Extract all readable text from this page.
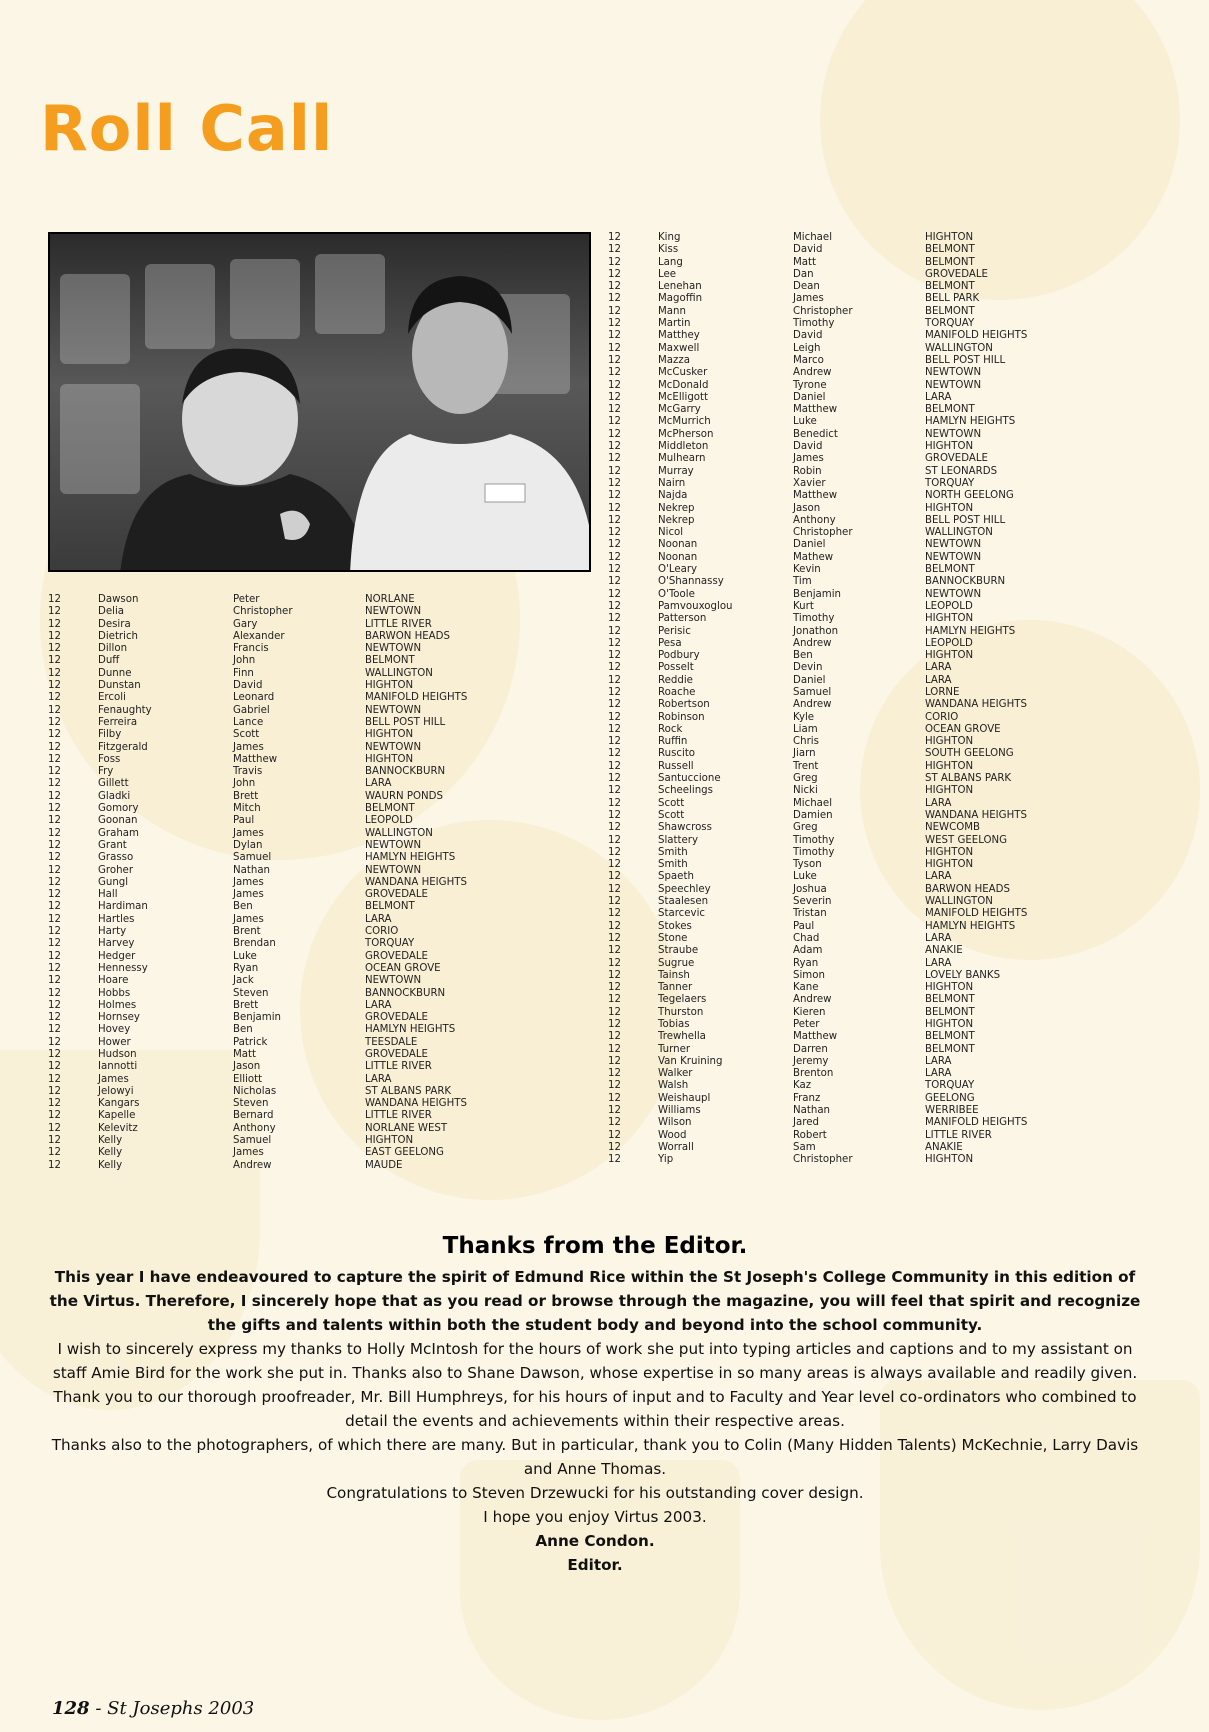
Roll Call
12	Dawson	Peter	NORLANE
12	Delia	Christopher	NEWTOWN
12	Desira	Gary	LITTLE RIVER
12	Dietrich	Alexander	BARWON HEADS
12	Dillon	Francis	NEWTOWN
12	Duff	John	BELMONT
12	Dunne	Finn	WALLINGTON
12	Dunstan	David	HIGHTON
12	Ercoli	Leonard	MANIFOLD HEIGHTS
12	Fenaughty	Gabriel	NEWTOWN
12	Ferreira	Lance	BELL POST HILL
12	Filby	Scott	HIGHTON
12	Fitzgerald	James	NEWTOWN
12	Foss	Matthew	HIGHTON
12	Fry	Travis	BANNOCKBURN
12	Gillett	John	LARA
12	Gladki	Brett	WAURN PONDS
12	Gomory	Mitch	BELMONT
12	Goonan	Paul	LEOPOLD
12	Graham	James	WALLINGTON
12	Grant	Dylan	NEWTOWN
12	Grasso	Samuel	HAMLYN HEIGHTS
12	Groher	Nathan	NEWTOWN
12	Gungl	James	WANDANA HEIGHTS
12	Hall	James	GROVEDALE
12	Hardiman	Ben	BELMONT
12	Hartles	James	LARA
12	Harty	Brent	CORIO
12	Harvey	Brendan	TORQUAY
12	Hedger	Luke	GROVEDALE
12	Hennessy	Ryan	OCEAN GROVE
12	Hoare	Jack	NEWTOWN
12	Hobbs	Steven	BANNOCKBURN
12	Holmes	Brett	LARA
12	Hornsey	Benjamin	GROVEDALE
12	Hovey	Ben	HAMLYN HEIGHTS
12	Hower	Patrick	TEESDALE
12	Hudson	Matt	GROVEDALE
12	Iannotti	Jason	LITTLE RIVER
12	James	Elliott	LARA
12	Jelowyi	Nicholas	ST ALBANS PARK
12	Kangars	Steven	WANDANA HEIGHTS
12	Kapelle	Bernard	LITTLE RIVER
12	Kelevitz	Anthony	NORLANE WEST
12	Kelly	Samuel	HIGHTON
12	Kelly	James	EAST GEELONG
12	Kelly	Andrew	MAUDE
12	King	Michael	HIGHTON
12	Kiss	David	BELMONT
12	Lang	Matt	BELMONT
12	Lee	Dan	GROVEDALE
12	Lenehan	Dean	BELMONT
12	Magoffin	James	BELL PARK
12	Mann	Christopher	BELMONT
12	Martin	Timothy	TORQUAY
12	Matthey	David	MANIFOLD HEIGHTS
12	Maxwell	Leigh	WALLINGTON
12	Mazza	Marco	BELL POST HILL
12	McCusker	Andrew	NEWTOWN
12	McDonald	Tyrone	NEWTOWN
12	McElligott	Daniel	LARA
12	McGarry	Matthew	BELMONT
12	McMurrich	Luke	HAMLYN HEIGHTS
12	McPherson	Benedict	NEWTOWN
12	Middleton	David	HIGHTON
12	Mulhearn	James	GROVEDALE
12	Murray	Robin	ST LEONARDS
12	Nairn	Xavier	TORQUAY
12	Najda	Matthew	NORTH GEELONG
12	Nekrep	Jason	HIGHTON
12	Nekrep	Anthony	BELL POST HILL
12	Nicol	Christopher	WALLINGTON
12	Noonan	Daniel	NEWTOWN
12	Noonan	Mathew	NEWTOWN
12	O'Leary	Kevin	BELMONT
12	O'Shannassy	Tim	BANNOCKBURN
12	O'Toole	Benjamin	NEWTOWN
12	Pamvouxoglou	Kurt	LEOPOLD
12	Patterson	Timothy	HIGHTON
12	Perisic	Jonathon	HAMLYN HEIGHTS
12	Pesa	Andrew	LEOPOLD
12	Podbury	Ben	HIGHTON
12	Posselt	Devin	LARA
12	Reddie	Daniel	LARA
12	Roache	Samuel	LORNE
12	Robertson	Andrew	WANDANA HEIGHTS
12	Robinson	Kyle	CORIO
12	Rock	Liam	OCEAN GROVE
12	Ruffin	Chris	HIGHTON
12	Ruscito	Jiarn	SOUTH GEELONG
12	Russell	Trent	HIGHTON
12	Santuccione	Greg	ST ALBANS PARK
12	Scheelings	Nicki	HIGHTON
12	Scott	Michael	LARA
12	Scott	Damien	WANDANA HEIGHTS
12	Shawcross	Greg	NEWCOMB
12	Slattery	Timothy	WEST GEELONG
12	Smith	Timothy	HIGHTON
12	Smith	Tyson	HIGHTON
12	Spaeth	Luke	LARA
12	Speechley	Joshua	BARWON HEADS
12	Staalesen	Severin	WALLINGTON
12	Starcevic	Tristan	MANIFOLD HEIGHTS
12	Stokes	Paul	HAMLYN HEIGHTS
12	Stone	Chad	LARA
12	Straube	Adam	ANAKIE
12	Sugrue	Ryan	LARA
12	Tainsh	Simon	LOVELY BANKS
12	Tanner	Kane	HIGHTON
12	Tegelaers	Andrew	BELMONT
12	Thurston	Kieren	BELMONT
12	Tobias	Peter	HIGHTON
12	Trewhella	Matthew	BELMONT
12	Turner	Darren	BELMONT
12	Van Kruining	Jeremy	LARA
12	Walker	Brenton	LARA
12	Walsh	Kaz	TORQUAY
12	Weishaupl	Franz	GEELONG
12	Williams	Nathan	WERRIBEE
12	Wilson	Jared	MANIFOLD HEIGHTS
12	Wood	Robert	LITTLE RIVER
12	Worrall	Sam	ANAKIE
12	Yip	Christopher	HIGHTON
Thanks from the Editor.

This year I have endeavoured to capture the spirit of Edmund Rice within the St Joseph's College Community in this edition of the Virtus. Therefore, I sincerely hope that as you read or browse through the magazine, you will feel that spirit and recognize the gifts and talents within both the student body and beyond into the school community.

I wish to sincerely express my thanks to Holly McIntosh for the hours of work she put into typing articles and captions and to my assistant on staff Amie Bird for the work she put in. Thanks also to Shane Dawson, whose expertise in so many areas is always available and readily given.

Thank you to our thorough proofreader, Mr. Bill Humphreys, for his hours of input and to Faculty and Year level co-ordinators who combined to detail the events and achievements within their respective areas.

Thanks also to the photographers, of which there are many. But in particular, thank you to Colin (Many Hidden Talents) McKechnie, Larry Davis and Anne Thomas.

Congratulations to Steven Drzewucki for his outstanding cover design.

I hope you enjoy Virtus 2003.

Anne Condon.

Editor.

128 - St Josephs 2003
